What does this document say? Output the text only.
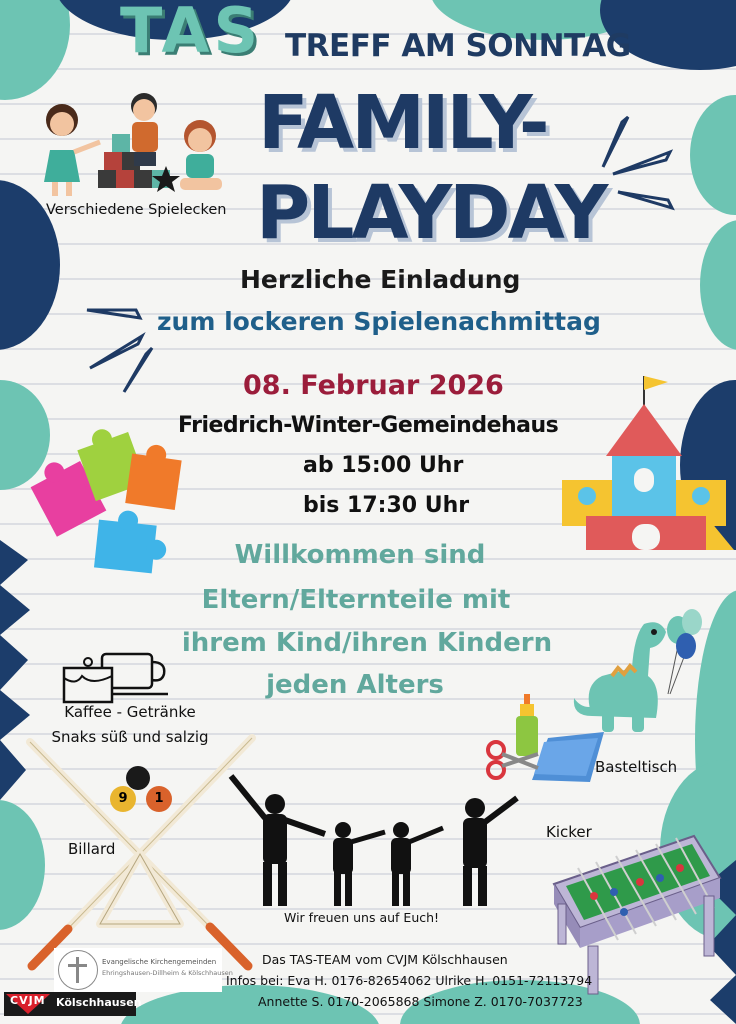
TAS TREFF AM SONNTAG
FAMILY-
PLAYDAY
Verschiedene Spielecken
Herzliche Einladung
zum lockeren Spielenachmittag
08. Februar 2026
Friedrich-Winter-Gemeindehaus
ab 15:00 Uhr
bis 17:30 Uhr
Willkommen sind
Eltern/Elternteile mit
ihrem Kind/ihren Kindern
jeden Alters
Kaffee - Getränke
Snaks süß und salzig
9	1
Billard
Wir freuen uns auf Euch!
Basteltisch
Kicker
Evangelische Kirchengemeinden
Ehringshausen-Dillheim & Kölschhausen
CVJM Kölschhausen
Das TAS-TEAM vom CVJM Kölschhausen
Infos bei: Eva H. 0176-82654062 Ulrike H. 0151-72113794
Annette S. 0170-2065868 Simone Z. 0170-7037723
